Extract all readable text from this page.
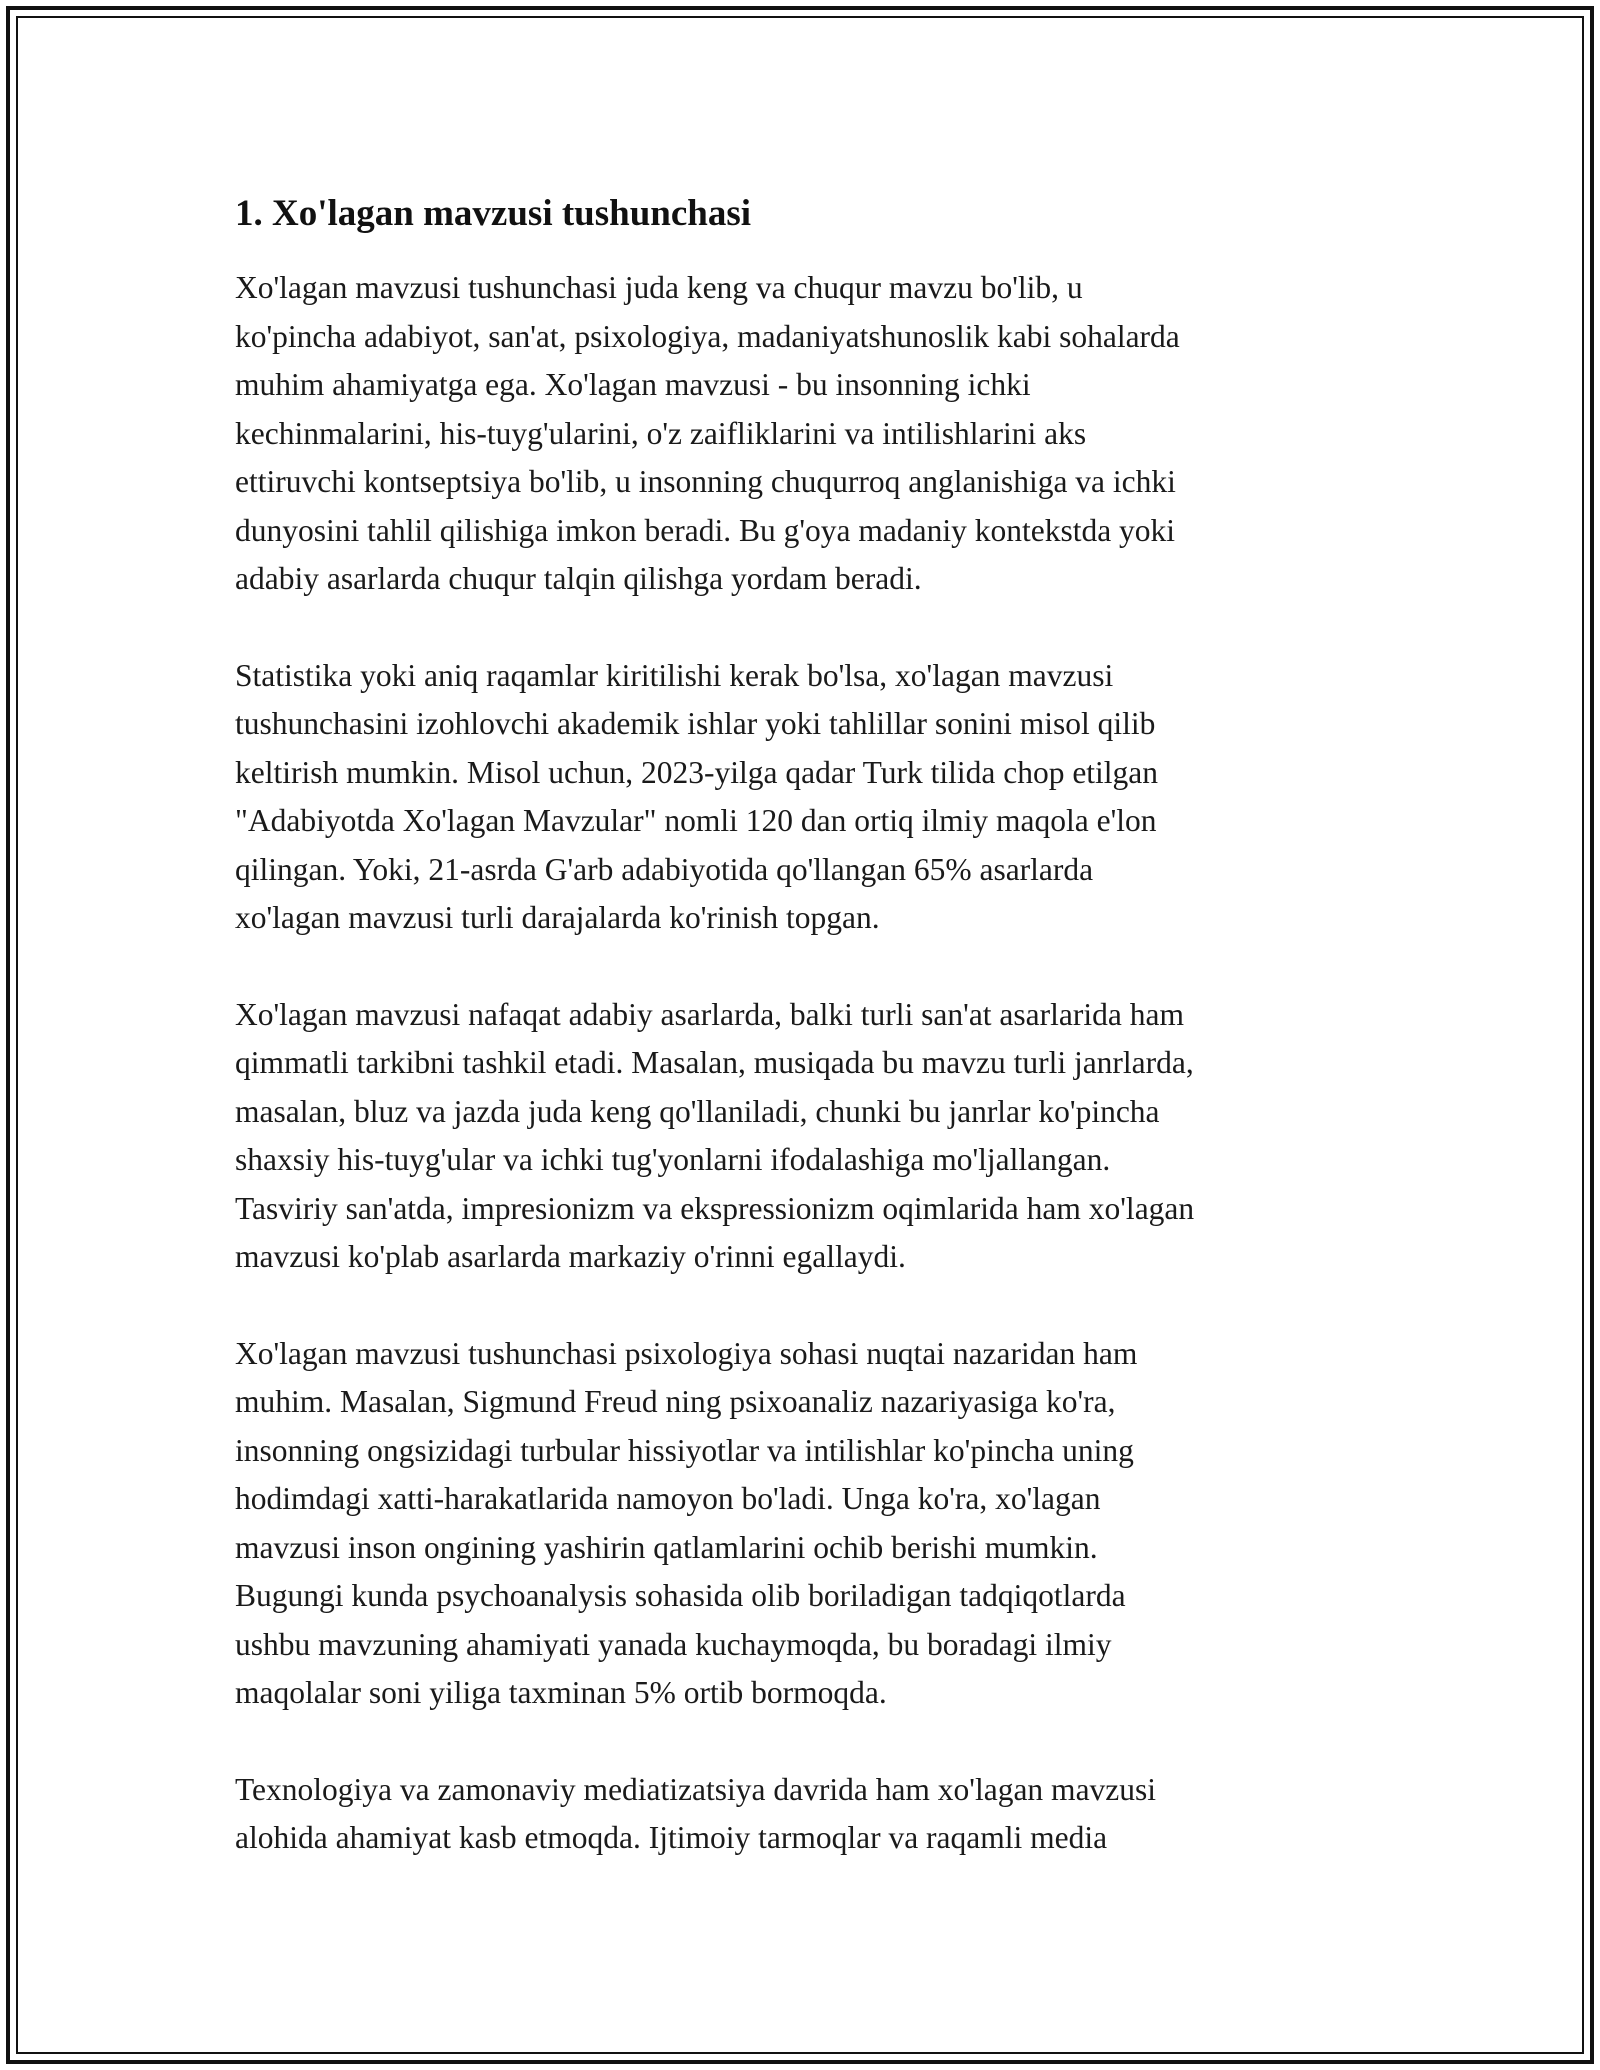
1. Xo'lagan mavzusi tushunchasi

Xo'lagan mavzusi tushunchasi juda keng va chuqur mavzu bo'lib, u
ko'pincha adabiyot, san'at, psixologiya, madaniyatshunoslik kabi sohalarda
muhim ahamiyatga ega. Xo'lagan mavzusi - bu insonning ichki
kechinmalarini, his-tuyg'ularini, o'z zaifliklarini va intilishlarini aks
ettiruvchi kontseptsiya bo'lib, u insonning chuqurroq anglanishiga va ichki
dunyosini tahlil qilishiga imkon beradi. Bu g'oya madaniy kontekstda yoki
adabiy asarlarda chuqur talqin qilishga yordam beradi.

Statistika yoki aniq raqamlar kiritilishi kerak bo'lsa, xo'lagan mavzusi
tushunchasini izohlovchi akademik ishlar yoki tahlillar sonini misol qilib
keltirish mumkin. Misol uchun, 2023-yilga qadar Turk tilida chop etilgan
"Adabiyotda Xo'lagan Mavzular" nomli 120 dan ortiq ilmiy maqola e'lon
qilingan. Yoki, 21-asrda G'arb adabiyotida qo'llangan 65% asarlarda
xo'lagan mavzusi turli darajalarda ko'rinish topgan.

Xo'lagan mavzusi nafaqat adabiy asarlarda, balki turli san'at asarlarida ham
qimmatli tarkibni tashkil etadi. Masalan, musiqada bu mavzu turli janrlarda,
masalan, bluz va jazda juda keng qo'llaniladi, chunki bu janrlar ko'pincha
shaxsiy his-tuyg'ular va ichki tug'yonlarni ifodalashiga mo'ljallangan.
Tasviriy san'atda, impresionizm va ekspressionizm oqimlarida ham xo'lagan
mavzusi ko'plab asarlarda markaziy o'rinni egallaydi.

Xo'lagan mavzusi tushunchasi psixologiya sohasi nuqtai nazaridan ham
muhim. Masalan, Sigmund Freud ning psixoanaliz nazariyasiga ko'ra,
insonning ongsizidagi turbular hissiyotlar va intilishlar ko'pincha uning
hodimdagi xatti-harakatlarida namoyon bo'ladi. Unga ko'ra, xo'lagan
mavzusi inson ongining yashirin qatlamlarini ochib berishi mumkin.
Bugungi kunda psychoanalysis sohasida olib boriladigan tadqiqotlarda
ushbu mavzuning ahamiyati yanada kuchaymoqda, bu boradagi ilmiy
maqolalar soni yiliga taxminan 5% ortib bormoqda.

Texnologiya va zamonaviy mediatizatsiya davrida ham xo'lagan mavzusi
alohida ahamiyat kasb etmoqda. Ijtimoiy tarmoqlar va raqamli media
